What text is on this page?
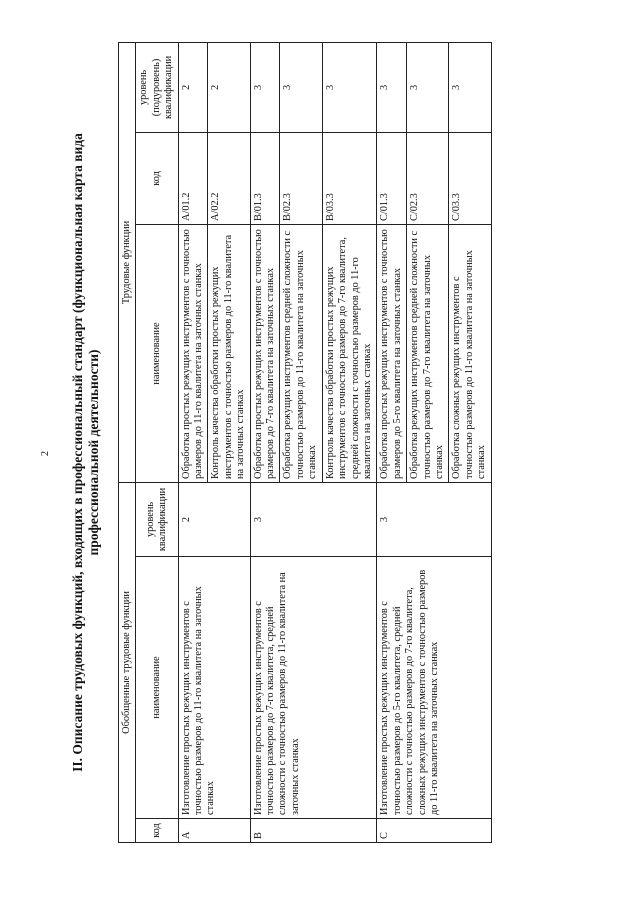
2 II. Описание трудовых функций, входящих в профессиональный стандарт (функциональная карта вида профессиональной деятельности)
Обобщенные трудовые функции			Трудовые функции		
код	наименование	уровень квалификации	наименование	код	уровень (подуровень) квалификации
A	Изготовление простых режущих инструментов с точностью размеров до 11-го квалитета на заточных станках	2	Обработка простых режущих инструментов с точностью размеров до 11-го квалитета на заточных станках	A/01.2	2
			Контроль качества обработки простых режущих инструментов с точностью размеров до 11-го квалитета на заточных станках	A/02.2	2
B	Изготовление простых режущих инструментов с точностью размеров до 7-го квалитета, средней сложности с точностью размеров до 11-го квалитета на заточных станках	3	Обработка простых режущих инструментов с точностью размеров до 7-го квалитета на заточных станках	B/01.3	3
			Обработка режущих инструментов средней сложности с точностью размеров до 11-го квалитета на заточных станках	B/02.3	3
			Контроль качества обработки простых режущих инструментов с точностью размеров до 7-го квалитета, средней сложности с точностью размеров до 11-го квалитета на заточных станках	B/03.3	3
C	Изготовление простых режущих инструментов с точностью размеров до 5-го квалитета, средней сложности с точностью размеров до 7-го квалитета, сложных режущих инструментов с точностью размеров до 11-го квалитета на заточных станках	3	Обработка простых режущих инструментов с точностью размеров до 5-го квалитета на заточных станках	C/01.3	3
			Обработка режущих инструментов средней сложности с точностью размеров до 7-го квалитета на заточных станках	C/02.3	3
			Обработка сложных режущих инструментов с точностью размеров до 11-го квалитета на заточных станках	C/03.3	3
